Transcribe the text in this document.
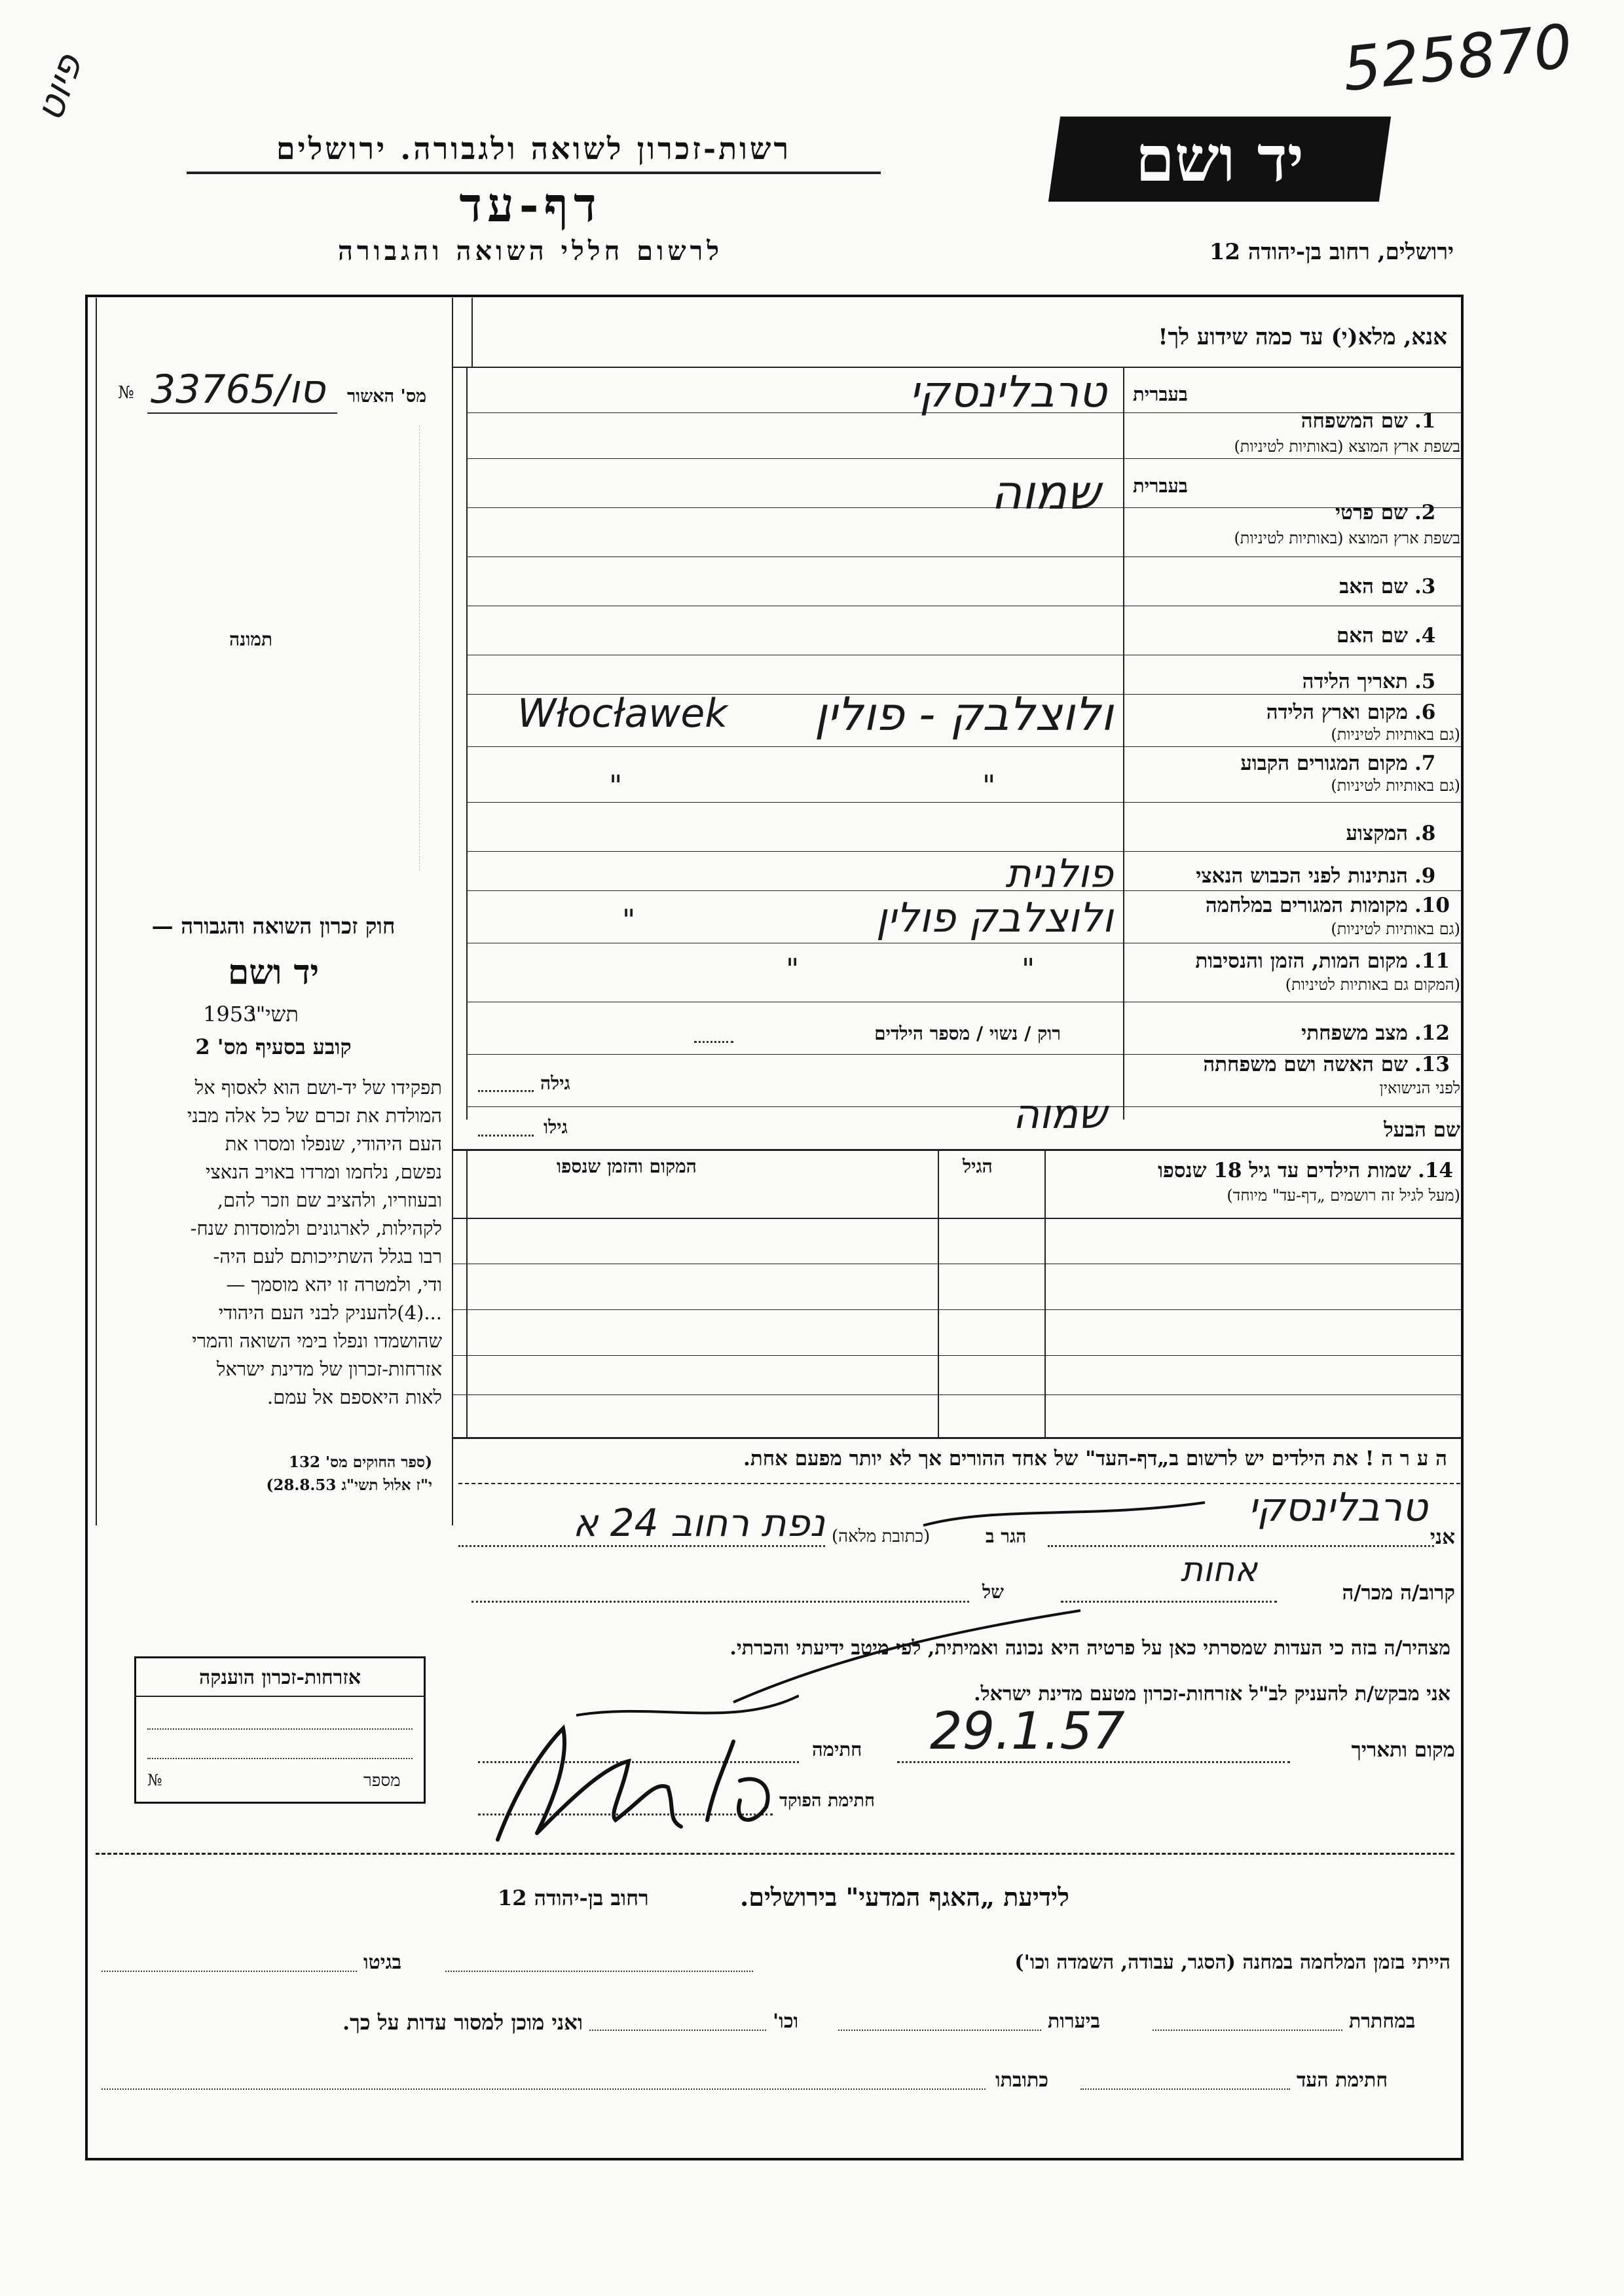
פיוט	525870
רשות-זכרון לשואה ולגבורה. ירושלים
דף-עד
לרשום חללי השואה והגבורה
יד ושם
ירושלים, רחוב בן-יהודה 12
מס' האשור
№ 33765/סו
תמונה
חוק זכרון השואה והגבורה —
יד ושם
תשי"ג
1953
קובע בסעיף מס' 2
תפקידו של יד-ושם הוא לאסוף אל
המולדת את זכרם של כל אלה מבני
העם היהודי, שנפלו ומסרו את
נפשם, נלחמו ומרדו באויב הנאצי
ובעוזריו, ולהציב שם וזכר להם,
לקהילות, לארגונים ולמוסדות שנח-
רבו בגלל השתייכותם לעם היה-
ודי, ולמטרה זו יהא מוסמך —
...(4)להעניק לבני העם היהודי
שהושמדו ונפלו בימי השואה והמרי
אזרחות-זכרון של מדינת ישראל
לאות היאספם אל עמם.
(ספר החוקים מס' 132
י"ז אלול תשי"ג 28.8.53)
אנא, מלא(י) עד כמה שידוע לך!
בעברית
1.
שם המשפחה
בשפת ארץ המוצא (באותיות לטיניות)
טרבלינסקי
בעברית
2.
שם פרטי
בשפת ארץ המוצא (באותיות לטיניות)
שמוה
3.
שם האב
4.
שם האם
5.
תאריך הלידה
6.
מקום וארץ הלידה
(גם באותיות לטיניות)
ולוצלבק - פולין
Włocławek
7.
מקום המגורים הקבוע
(גם באותיות לטיניות)
"
"
8.
המקצוע
9.
הנתינות לפני הכבוש הנאצי
פולנית
10.
מקומות המגורים במלחמה
(גם באותיות לטיניות)
ולוצלבק פולין
"
11.
מקום המות, הזמן והנסיבות
(המקום גם באותיות לטיניות)
"
"
12.
מצב משפחתי
רוק / נשוי / מספר הילדים
13.
שם האשה ושם משפחתה
לפני הנישואין
גילה
שם הבעל
שמוה
גילו
14.
שמות הילדים עד גיל 18 שנספו
(מעל לגיל זה רושמים „דף-עד" מיוחד)
הגיל
המקום והזמן שנספו
ה ע ר ה ! את הילדים יש לרשום ב„דף-העד" של אחד ההורים אך לא יותר מפעם אחת.
אני
טרבלינסקי
הגר ב
(כתובת מלאה)
נפת רחוב 24 א
קרוב/ה מכר/ה
אחות
של
מצהיר/ה בזה כי העדות שמסרתי כאן על פרטיה היא נכונה ואמיתית, לפי מיטב ידיעתי והכרתי.
אני מבקש/ת להעניק לב"ל אזרחות-זכרון מטעם מדינת ישראל.
מקום ותאריך
29.1.57
חתימה
חתימת הפוקד
אזרחות-זכרון הוענקה
מספר
№
לידיעת „האגף המדעי" בירושלים.
רחוב בן-יהודה 12
הייתי בזמן המלחמה במחנה (הסגר, עבודה, השמדה וכו')
בגיטו
במחתרת
ביערות
וכו'
ואני מוכן למסור עדות על כך.
חתימת העד
כתובתו
